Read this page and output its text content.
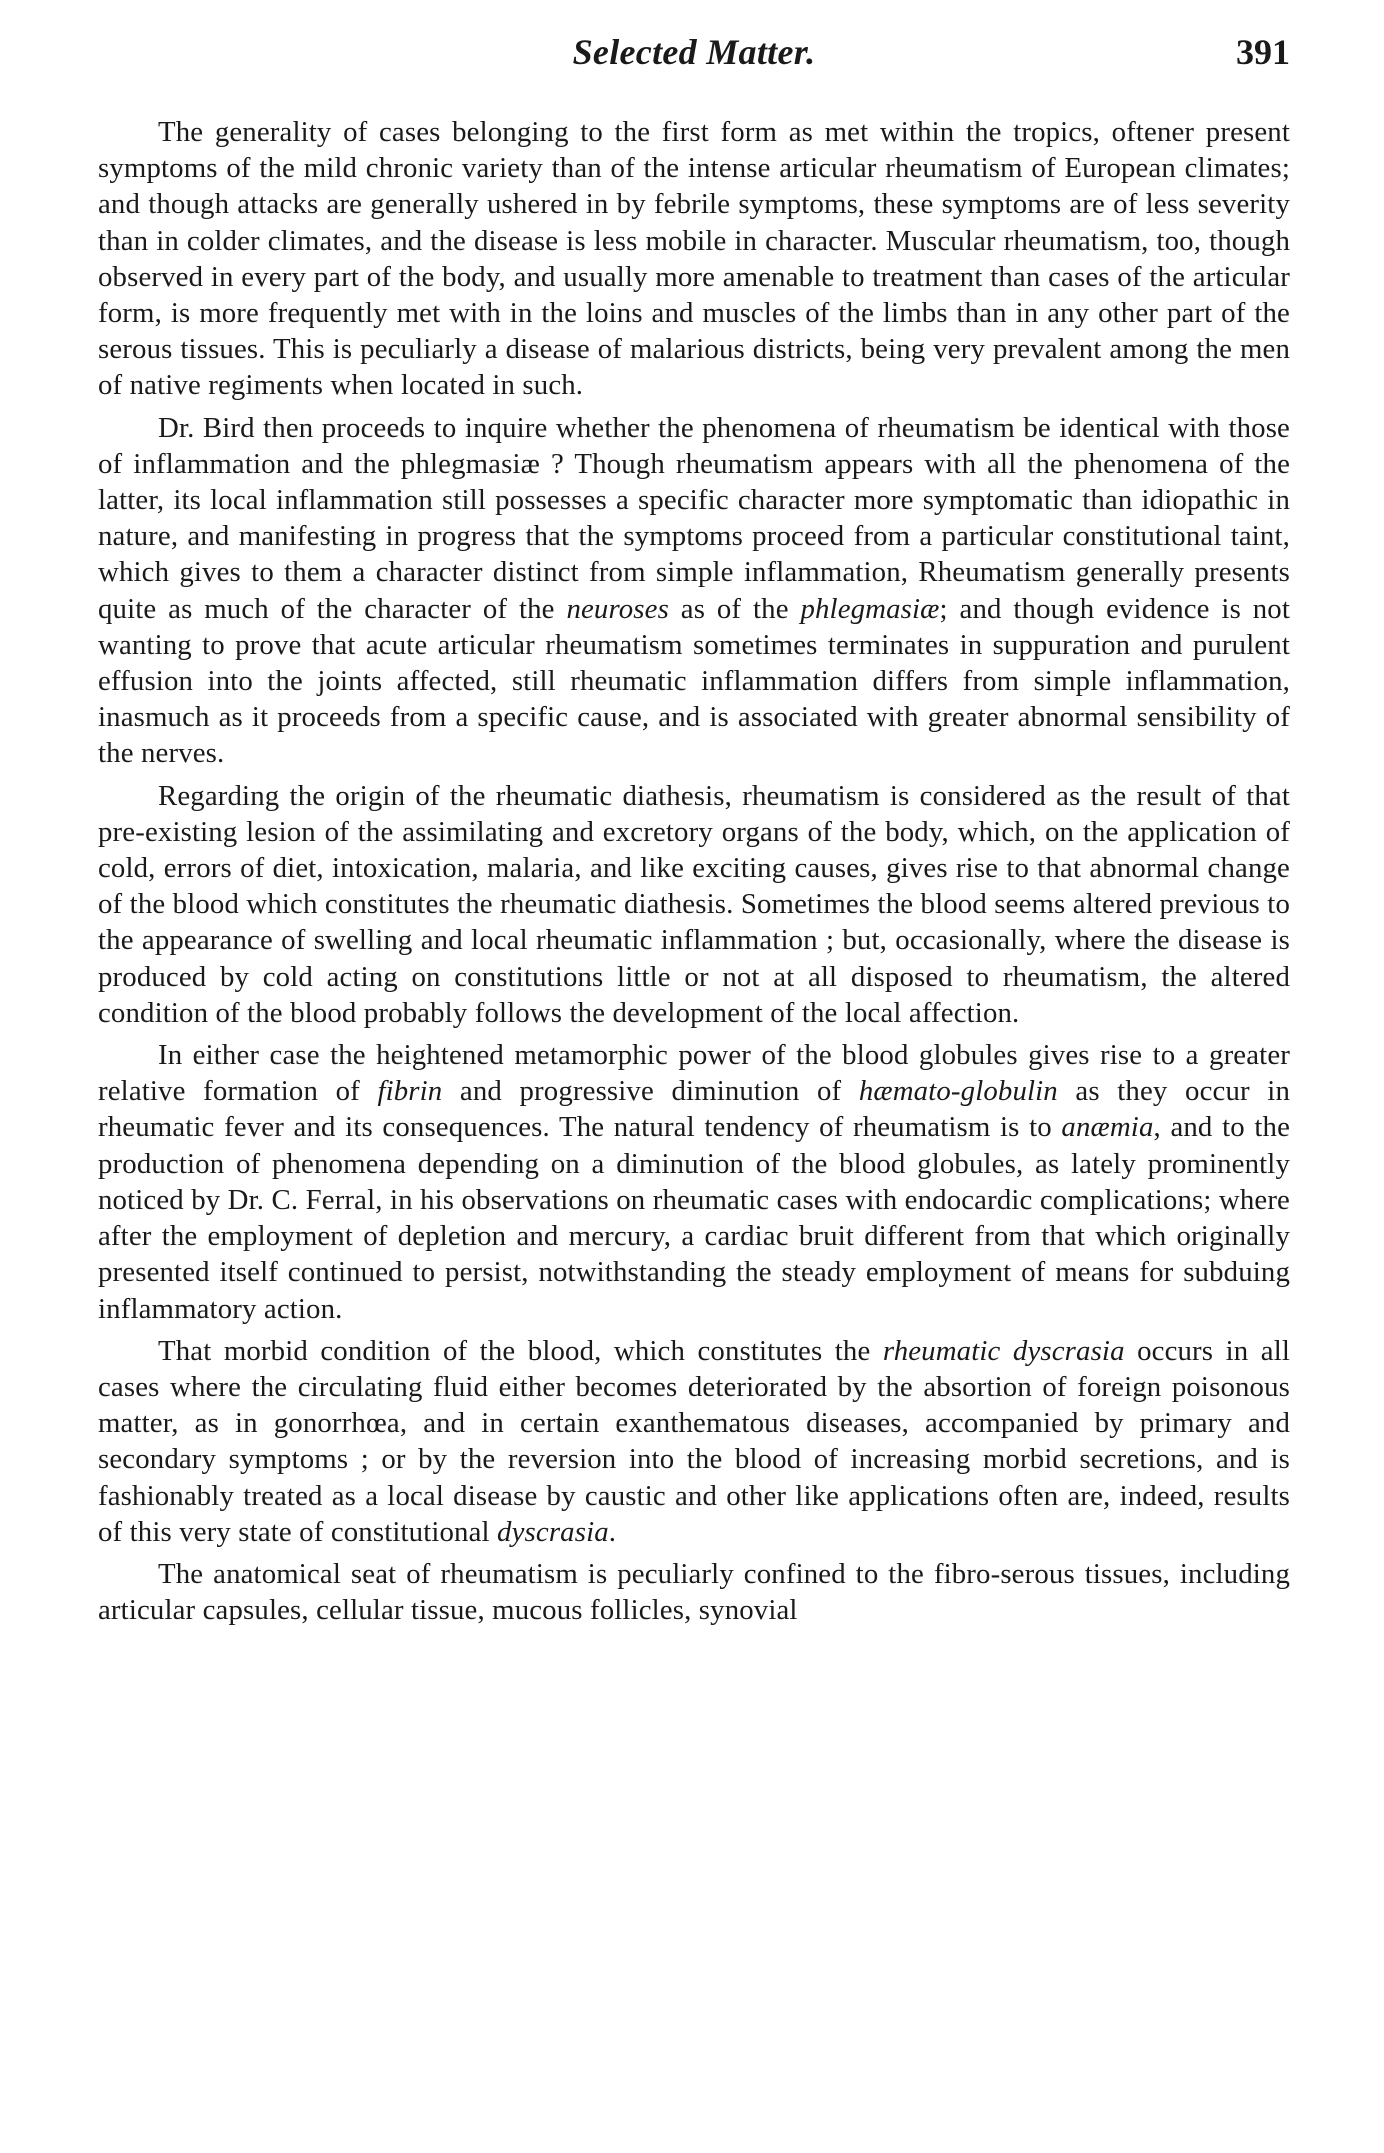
Selected Matter.	391

The generality of cases belonging to the first form as met within the tropics, oftener present symptoms of the mild chronic variety than of the intense articular rheumatism of European climates; and though attacks are generally ushered in by febrile symptoms, these symptoms are of less severity than in colder climates, and the disease is less mobile in character. Muscular rheumatism, too, though observed in every part of the body, and usually more amenable to treatment than cases of the articular form, is more frequently met with in the loins and muscles of the limbs than in any other part of the serous tissues. This is peculiarly a disease of malarious districts, being very prevalent among the men of native regiments when located in such.

Dr. Bird then proceeds to inquire whether the phenomena of rheumatism be identical with those of inflammation and the phlegmasiæ ? Though rheumatism appears with all the phenomena of the latter, its local inflammation still possesses a specific character more symptomatic than idiopathic in nature, and manifesting in progress that the symptoms proceed from a particular constitutional taint, which gives to them a character distinct from simple inflammation, Rheumatism generally presents quite as much of the character of the neuroses as of the phlegmasiæ; and though evidence is not wanting to prove that acute articular rheumatism sometimes terminates in suppuration and purulent effusion into the joints affected, still rheumatic inflammation differs from simple inflammation, inasmuch as it proceeds from a specific cause, and is associated with greater abnormal sensibility of the nerves.

Regarding the origin of the rheumatic diathesis, rheumatism is considered as the result of that pre-existing lesion of the assimilating and excretory organs of the body, which, on the application of cold, errors of diet, intoxication, malaria, and like exciting causes, gives rise to that abnormal change of the blood which constitutes the rheumatic diathesis. Sometimes the blood seems altered previous to the appearance of swelling and local rheumatic inflammation ; but, occasionally, where the disease is produced by cold acting on constitutions little or not at all disposed to rheumatism, the altered condition of the blood probably follows the development of the local affection.

In either case the heightened metamorphic power of the blood globules gives rise to a greater relative formation of fibrin and progressive diminution of hæmato-globulin as they occur in rheumatic fever and its consequences. The natural tendency of rheumatism is to anæmia, and to the production of phenomena depending on a diminution of the blood globules, as lately prominently noticed by Dr. C. Ferral, in his observations on rheumatic cases with endocardic complications; where after the employment of depletion and mercury, a cardiac bruit different from that which originally presented itself continued to persist, notwithstanding the steady employment of means for subduing inflammatory action.

That morbid condition of the blood, which constitutes the rheumatic dyscrasia occurs in all cases where the circulating fluid either becomes deteriorated by the absortion of foreign poisonous matter, as in gonorrhœa, and in certain exanthematous diseases, accompanied by primary and secondary symptoms ; or by the reversion into the blood of increasing morbid secretions, and is fashionably treated as a local disease by caustic and other like applications often are, indeed, results of this very state of constitutional dyscrasia.

The anatomical seat of rheumatism is peculiarly confined to the fibro-serous tissues, including articular capsules, cellular tissue, mucous follicles, synovial
